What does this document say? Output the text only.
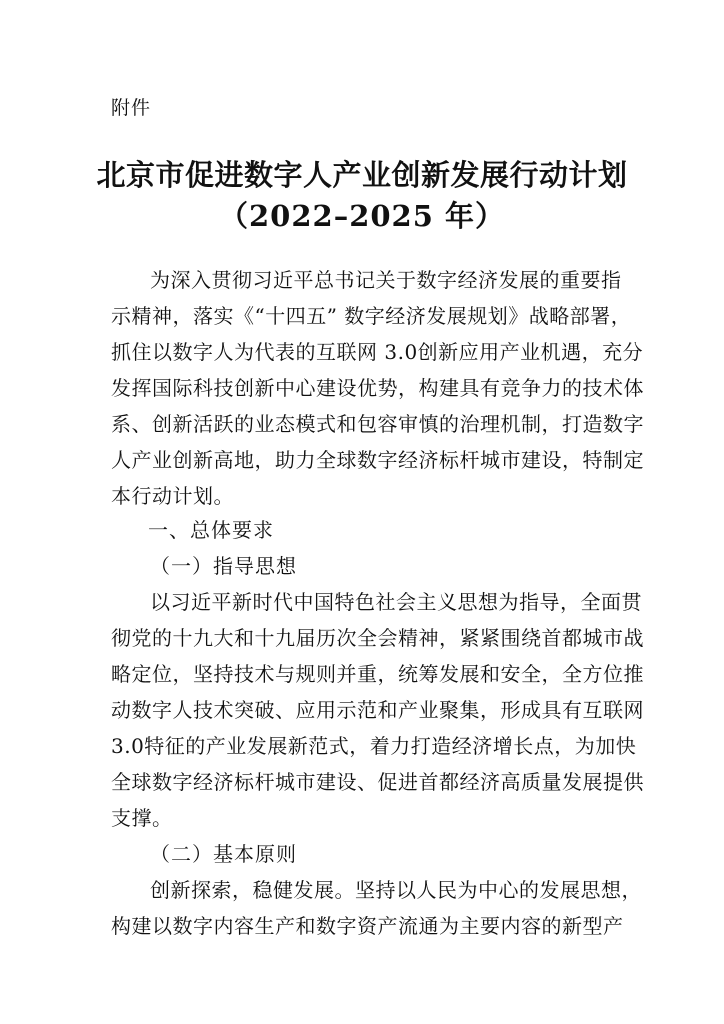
附件
北京市促进数字人产业创新发展行动计划
（2022–2025 年）
为深入贯彻习近平总书记关于数字经济发展的重要指
示精神，落实《“十四五” 数字经济发展规划》战略部署，
抓住以数字人为代表的互联网 3.0创新应用产业机遇，充分
发挥国际科技创新中心建设优势，构建具有竞争力的技术体
系、创新活跃的业态模式和包容审慎的治理机制，打造数字
人产业创新高地，助力全球数字经济标杆城市建设，特制定
本行动计划。
一、总体要求
（一）指导思想
以习近平新时代中国特色社会主义思想为指导，全面贯
彻党的十九大和十九届历次全会精神，紧紧围绕首都城市战
略定位，坚持技术与规则并重，统筹发展和安全，全方位推
动数字人技术突破、应用示范和产业聚集，形成具有互联网
3.0特征的产业发展新范式，着力打造经济增长点，为加快
全球数字经济标杆城市建设、促进首都经济高质量发展提供
支撑。
（二）基本原则
创新探索，稳健发展。坚持以人民为中心的发展思想，
构建以数字内容生产和数字资产流通为主要内容的新型产
